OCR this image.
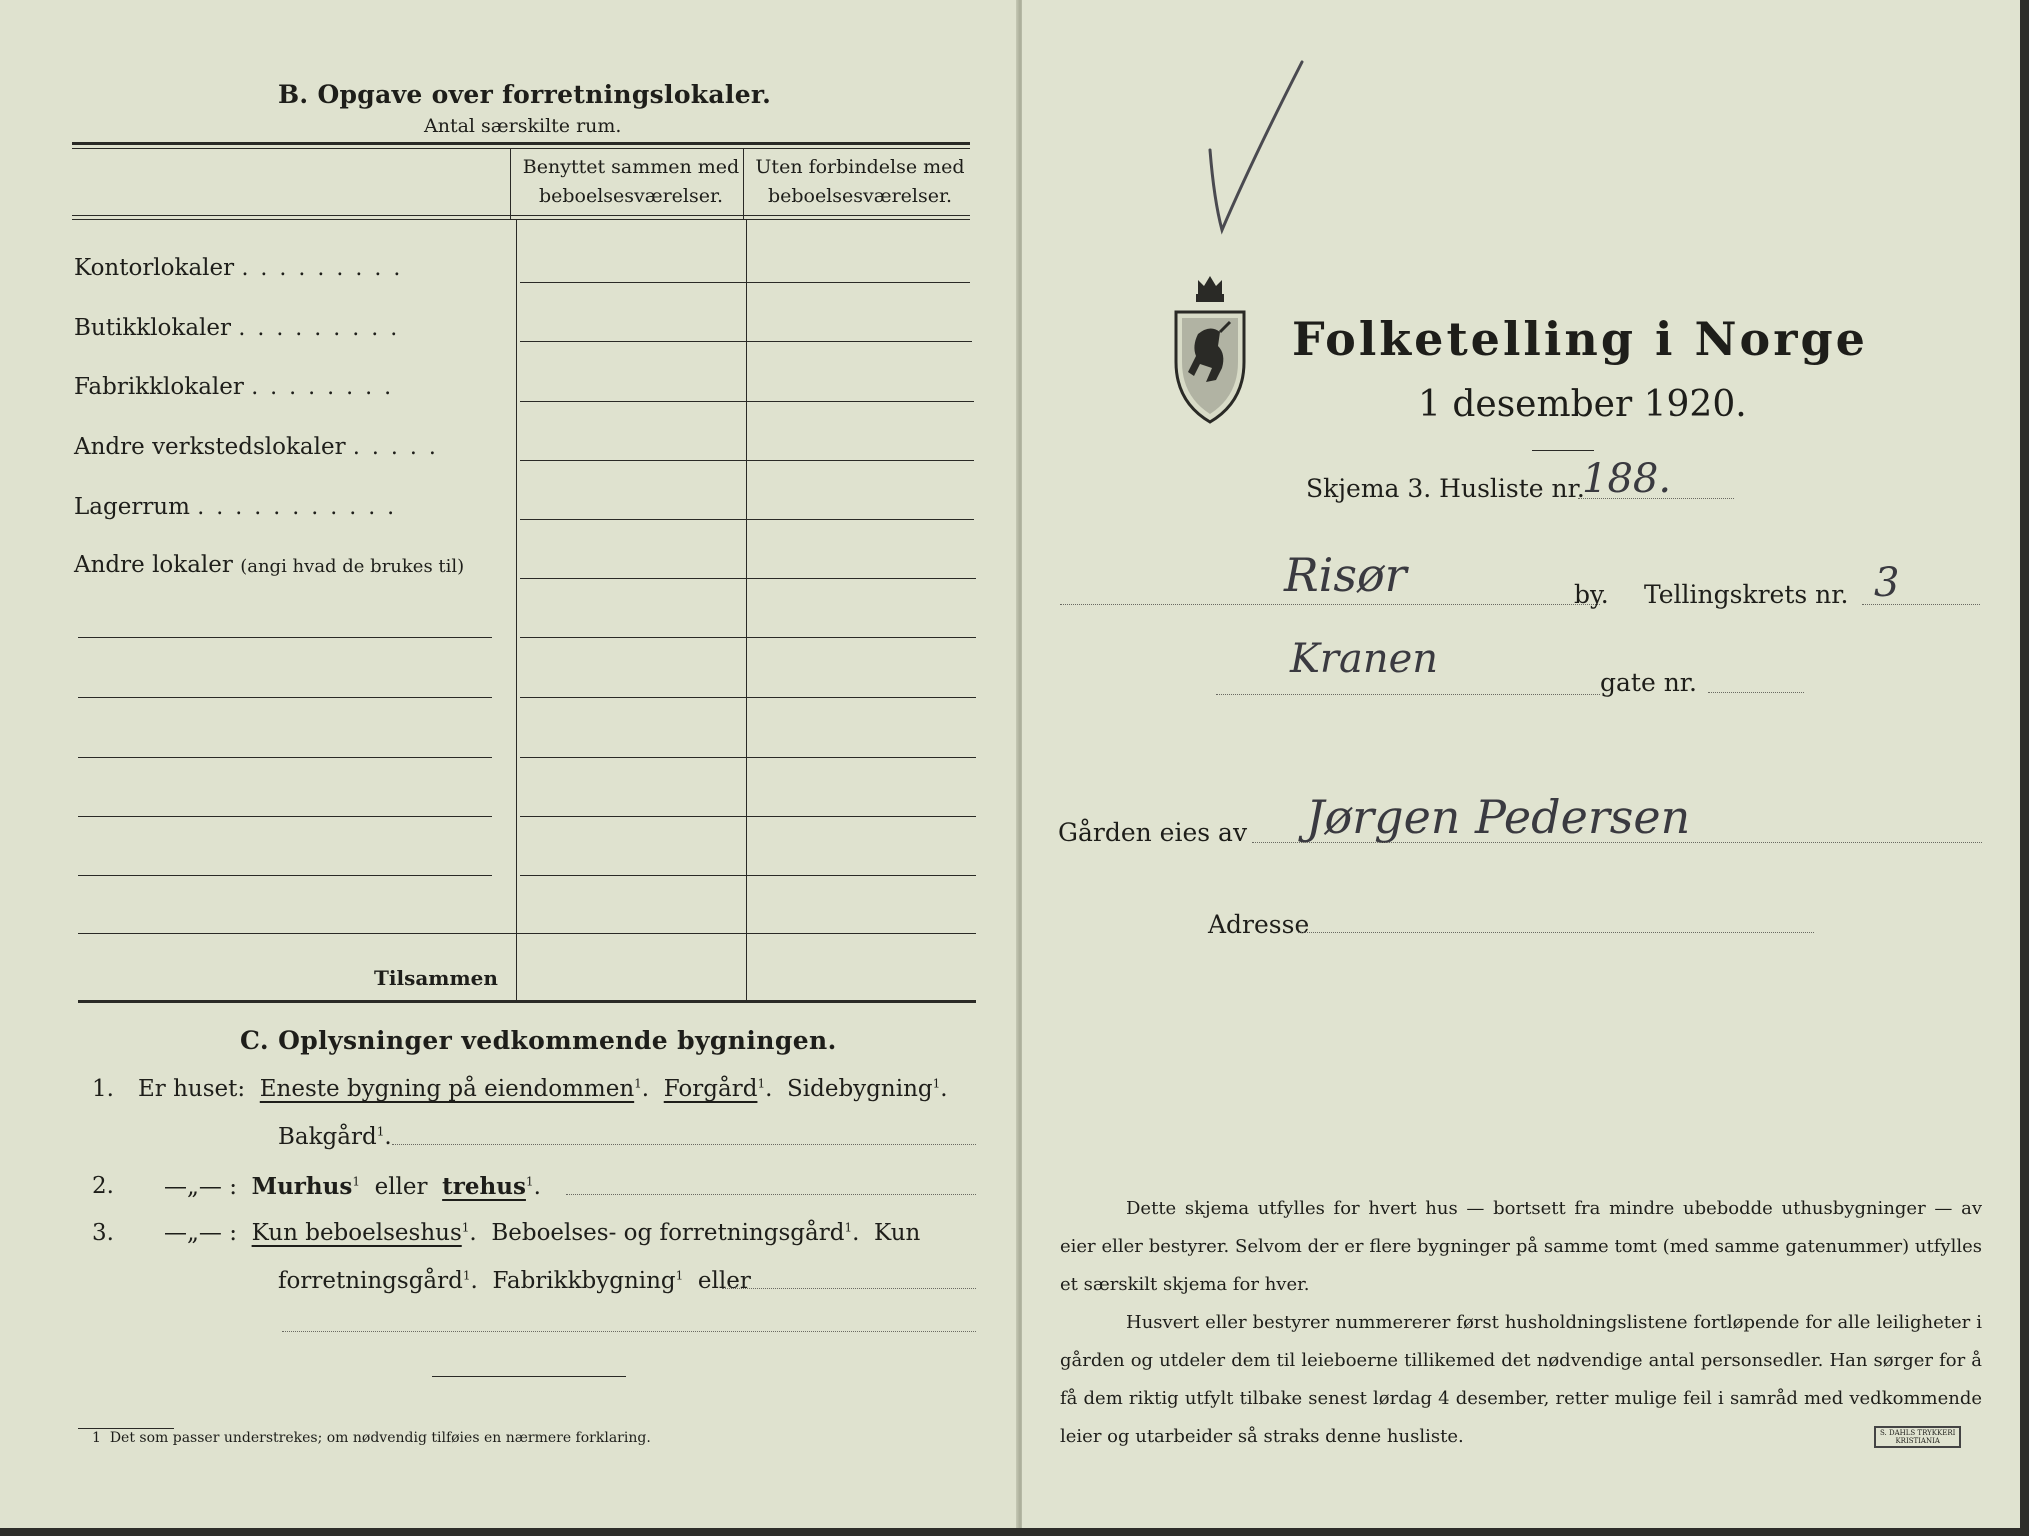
B. Opgave over forretningslokaler.
Antal særskilte rum.
Benyttet sammen med
beboelsesværelser.
Uten forbindelse med
beboelsesværelser.
Kontorlokaler .........
Butikklokaler .........
Fabrikklokaler ........
Andre verkstedslokaler .....
Lagerrum ...........
Andre lokaler (angi hvad de brukes til)
Tilsammen
C. Oplysninger vedkommende bygningen.
1. Er huset: Eneste bygning på eiendommen$^1$.  Forgård$^1$.  Sidebygning$^1$.
Bakgård$^1$.
2. —„— : Murhus$^1$ eller trehus$^1$.
3. —„— : Kun beboelseshus$^1$.  Beboelses- og forretningsgård$^1$.  Kun
forretningsgård$^1$.  Fabrikkbygning$^1$ eller
1 Det som passer understrekes; om nødvendig tilføies en nærmere forklaring.
Folketelling i Norge
1 desember 1920.
Skjema 3. Husliste nr.
188.
Risør	by. Tellingskrets nr. 3
Kranen
gate nr.
Gården eies av Jørgen Pedersen
Adresse

Dette skjema utfylles for hvert hus — bortsett fra mindre ubebodde uthusbygninger — av eier eller bestyrer. Selvom der er flere bygninger på samme tomt (med samme gatenummer) utfylles et særskilt skjema for hver.

Husvert eller bestyrer nummererer først husholdningslistene fortløpende for alle leiligheter i gården og utdeler dem til leieboerne tillikemed det nødvendige antal personsedler. Han sørger for å få dem riktig utfylt tilbake senest lørdag 4 desember, retter mulige feil i samråd med vedkommende leier og utarbeider så straks denne husliste.	S. DAHLS TRYKKERI
KRISTIANIA
